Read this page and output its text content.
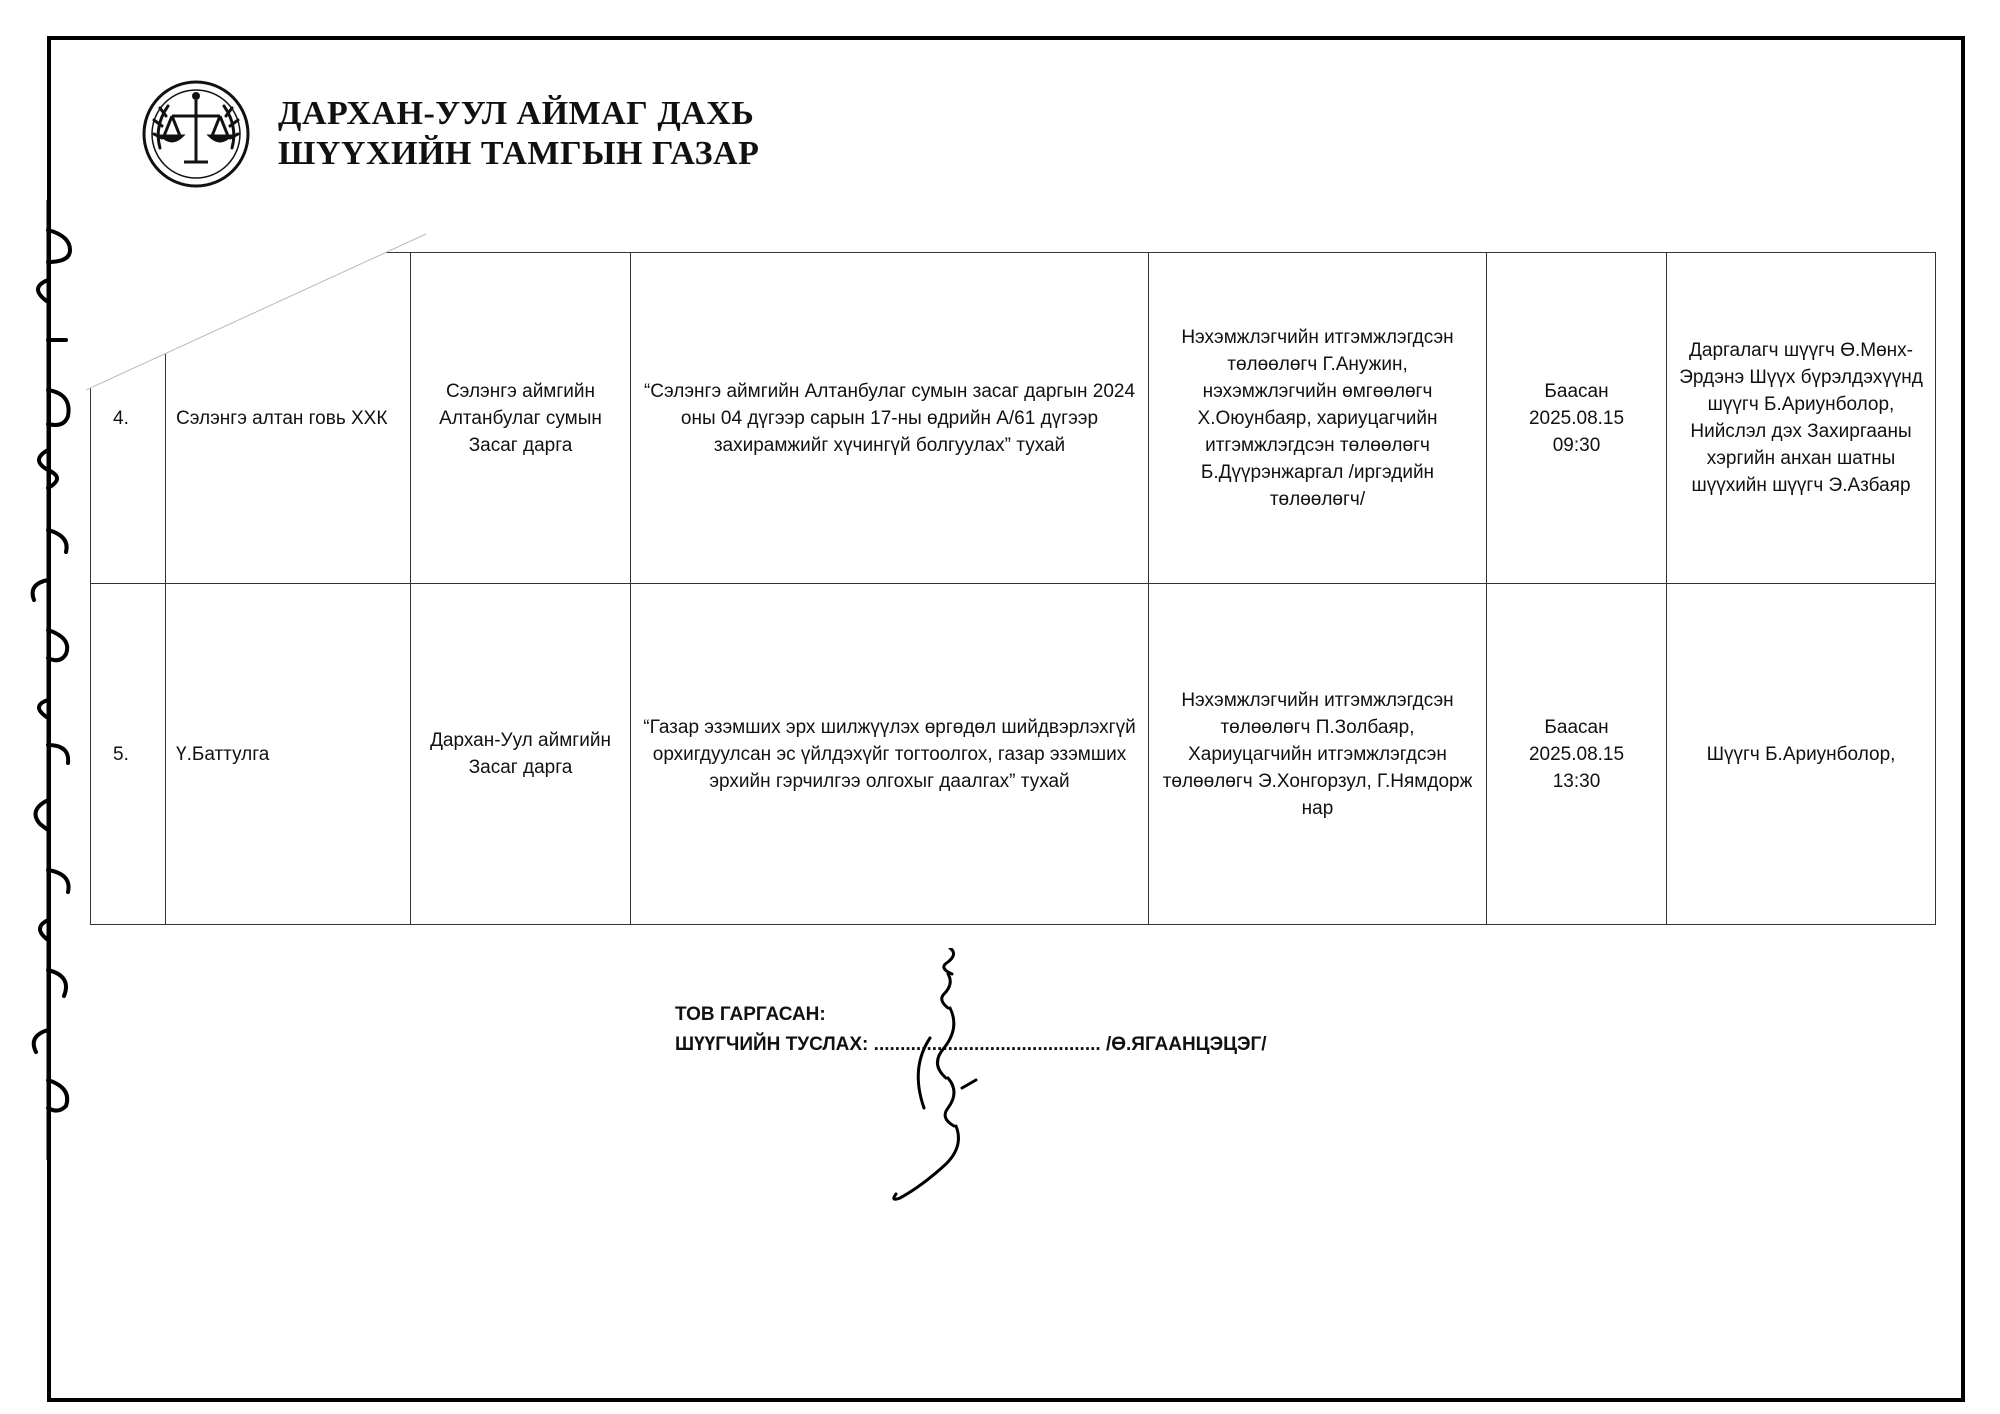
ДАРХАН-УУЛ АЙМАГ ДАХЬ
ШҮҮХИЙН ТАМГЫН ГАЗАР
4.	Сэлэнгэ алтан говь ХХК	Сэлэнгэ аймгийн Алтанбулаг сумын Засаг дарга	“Сэлэнгэ аймгийн Алтанбулаг сумын засаг даргын 2024 оны 04 дүгээр сарын 17-ны өдрийн А/61 дүгээр захирамжийг хүчингүй болгуулах” тухай	Нэхэмжлэгчийн итгэмжлэгдсэн төлөөлөгч Г.Анужин, нэхэмжлэгчийн өмгөөлөгч Х.Оюунбаяр, хариуцагчийн итгэмжлэгдсэн төлөөлөгч Б.Дүүрэнжаргал /иргэдийн төлөөлөгч/	Баасан
2025.08.15
09:30	Даргалагч шүүгч Ө.Мөнх-Эрдэнэ Шүүх бүрэлдэхүүнд шүүгч Б.Ариунболор, Нийслэл дэх Захиргааны хэргийн анхан шатны шүүхийн шүүгч Э.Азбаяр
5.	Ү.Баттулга	Дархан-Уул аймгийн Засаг дарга	“Газар эзэмших эрх шилжүүлэх өргөдөл шийдвэрлэхгүй орхигдуулсан эс үйлдэхүйг тогтоолгох, газар эзэмших эрхийн гэрчилгээ олгохыг даалгах” тухай	Нэхэмжлэгчийн итгэмжлэгдсэн төлөөлөгч П.Золбаяр, Хариуцагчийн итгэмжлэгдсэн төлөөлөгч Э.Хонгорзул, Г.Нямдорж нар	Баасан
2025.08.15
13:30	Шүүгч Б.Ариунболор,
ТОВ ГАРГАСАН:
ШҮҮГЧИЙН ТУСЛАХ: ........................................... /Ө.ЯГААНЦЭЦЭГ/
